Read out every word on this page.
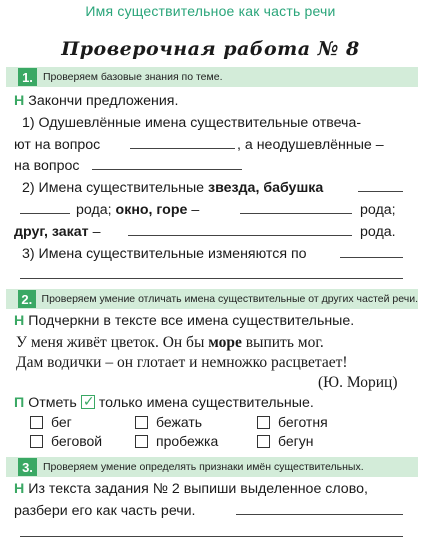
Имя существительное как часть речи
Проверочная работа № 8
1. Проверяем базовые знания по теме.
Н Закончи предложения.
1) Одушевлённые имена существительные отвеча-
ют на вопрос	, а неодушевлённые –
на вопрос
2) Имена существительные звезда, бабушка
рода; окно, горе –	рода;
друг, закат –	рода.
3) Имена существительные изменяются по
2. Проверяем умение отличать имена существительные от других частей речи.
Н Подчеркни в тексте все имена существительные.
У меня живёт цветок. Он бы море выпить мог.
Дам водички – он глотает и немножко расцветает!
(Ю. Мориц)
П Отметь✓ только имена существительные.
бег	бежать	беготня
беговой	пробежка	бегун
3. Проверяем умение определять признаки имён существительных.
Н Из текста задания № 2 выпиши выделенное слово,
разбери его как часть речи.
